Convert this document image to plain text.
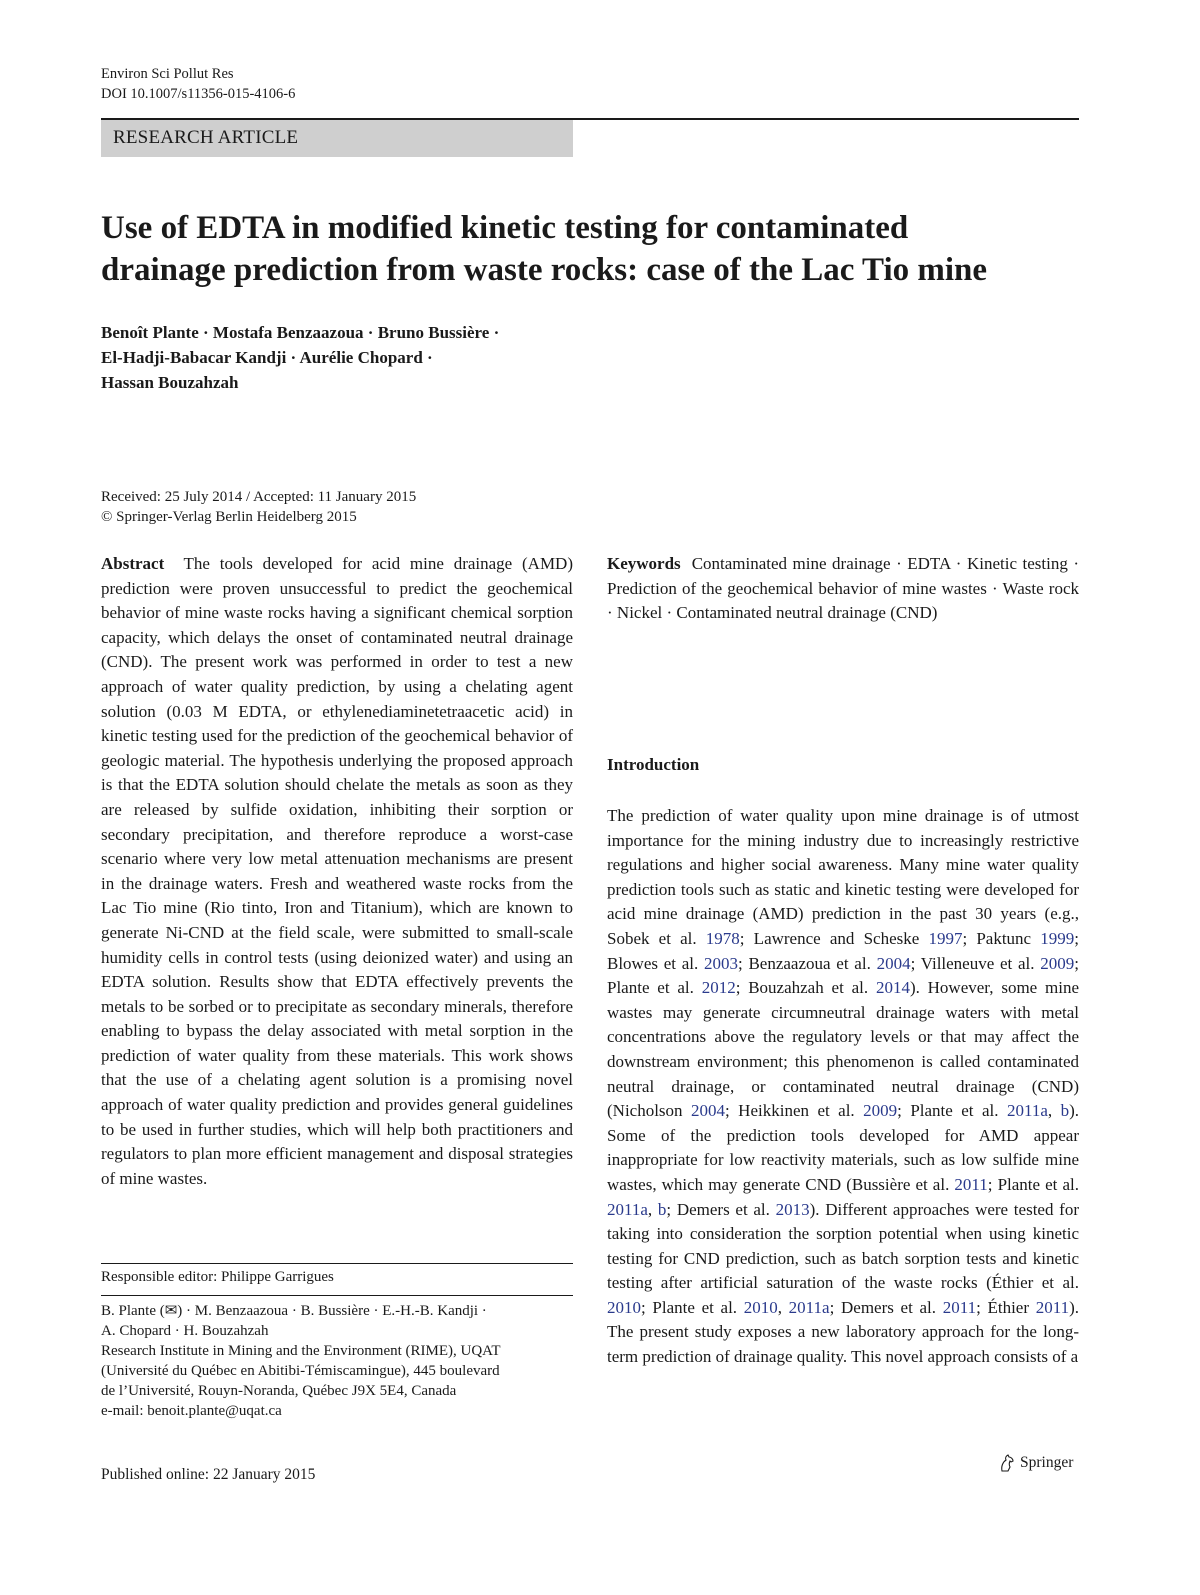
Environ Sci Pollut Res
DOI 10.1007/s11356-015-4106-6
RESEARCH ARTICLE
Use of EDTA in modified kinetic testing for contaminated
drainage prediction from waste rocks: case of the Lac Tio mine
Benoît Plante · Mostafa Benzaazoua · Bruno Bussière ·
El-Hadji-Babacar Kandji · Aurélie Chopard ·
Hassan Bouzahzah
Received: 25 July 2014 / Accepted: 11 January 2015
© Springer-Verlag Berlin Heidelberg 2015
Abstract The tools developed for acid mine drainage (AMD) prediction were proven unsuccessful to predict the geochemical behavior of mine waste rocks having a significant chemical sorption capacity, which delays the onset of contaminated neutral drainage (CND). The present work was performed in order to test a new approach of water quality prediction, by using a chelating agent solution (0.03 M EDTA, or ethylenediaminetetraacetic acid) in kinetic testing used for the prediction of the geochemical behavior of geologic material. The hypothesis underlying the proposed approach is that the EDTA solution should chelate the metals as soon as they are released by sulfide oxidation, inhibiting their sorption or secondary precipitation, and therefore reproduce a worst-case scenario where very low metal attenuation mechanisms are present in the drainage waters. Fresh and weathered waste rocks from the Lac Tio mine (Rio tinto, Iron and Titanium), which are known to generate Ni-CND at the field scale, were submitted to small-scale humidity cells in control tests (using deionized water) and using an EDTA solution. Results show that EDTA effectively prevents the metals to be sorbed or to precipitate as secondary minerals, therefore enabling to bypass the delay associated with metal sorption in the prediction of water quality from these materials. This work shows that the use of a chelating agent solution is a promising novel approach of water quality prediction and provides general guidelines to be used in further studies, which will help both practitioners and regulators to plan more efficient management and disposal strategies of mine wastes.
Keywords Contaminated mine drainage · EDTA · Kinetic testing · Prediction of the geochemical behavior of mine wastes · Waste rock · Nickel · Contaminated neutral drainage (CND)
Introduction
The prediction of water quality upon mine drainage is of utmost importance for the mining industry due to increasingly restrictive regulations and higher social awareness. Many mine water quality prediction tools such as static and kinetic testing were developed for acid mine drainage (AMD) prediction in the past 30 years (e.g., Sobek et al. 1978; Lawrence and Scheske 1997; Paktunc 1999; Blowes et al. 2003; Benzaazoua et al. 2004; Villeneuve et al. 2009; Plante et al. 2012; Bouzahzah et al. 2014). However, some mine wastes may generate circumneutral drainage waters with metal concentrations above the regulatory levels or that may affect the downstream environment; this phenomenon is called contaminated neutral drainage, or contaminated neutral drainage (CND) (Nicholson 2004; Heikkinen et al. 2009; Plante et al. 2011a, b). Some of the prediction tools developed for AMD appear inappropriate for low reactivity materials, such as low sulfide mine wastes, which may generate CND (Bussière et al. 2011; Plante et al. 2011a, b; Demers et al. 2013). Different approaches were tested for taking into consideration the sorption potential when using kinetic testing for CND prediction, such as batch sorption tests and kinetic testing after artificial saturation of the waste rocks (Éthier et al. 2010; Plante et al. 2010, 2011a; Demers et al. 2011; Éthier 2011). The present study exposes a new laboratory approach for the long-term prediction of drainage quality. This novel approach consists of a
Responsible editor: Philippe Garrigues
B. Plante (✉) · M. Benzaazoua · B. Bussière · E.-H.-B. Kandji ·
A. Chopard · H. Bouzahzah
Research Institute in Mining and the Environment (RIME), UQAT
(Université du Québec en Abitibi-Témiscamingue), 445 boulevard
de l’Université, Rouyn-Noranda, Québec J9X 5E4, Canada
e-mail: benoit.plante@uqat.ca
Published online: 22 January 2015
Springer
